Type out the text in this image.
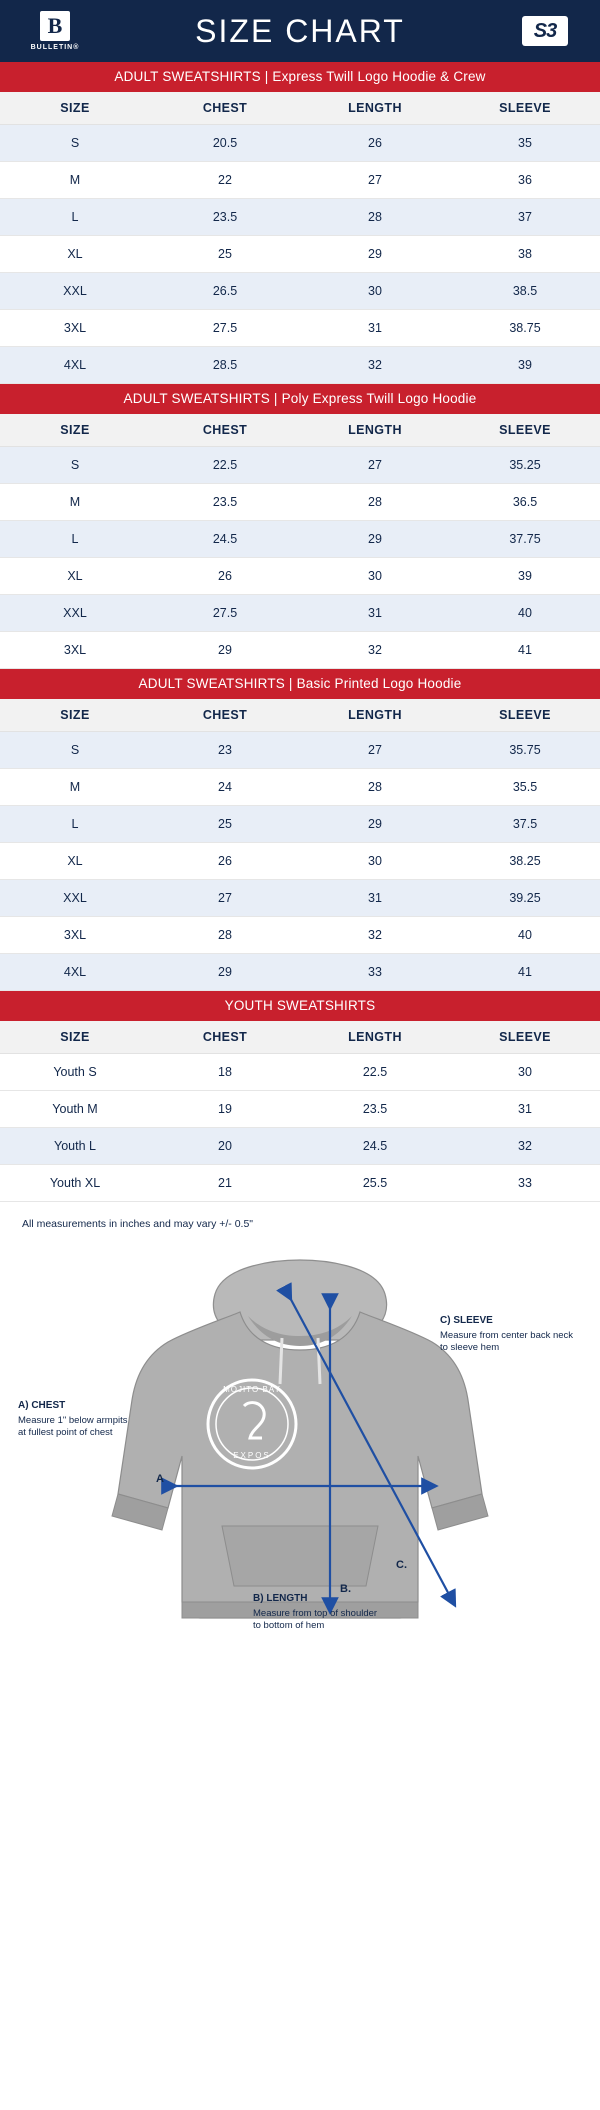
B
BULLETIN®	SIZE CHART	S3
ADULT SWEATSHIRTS | Express Twill Logo Hoodie & Crew
SIZE	CHEST	LENGTH	SLEEVE
S	20.5	26	35
M	22	27	36
L	23.5	28	37
XL	25	29	38
XXL	26.5	30	38.5
3XL	27.5	31	38.75
4XL	28.5	32	39
ADULT SWEATSHIRTS | Poly Express Twill Logo Hoodie
SIZE	CHEST	LENGTH	SLEEVE
S	22.5	27	35.25
M	23.5	28	36.5
L	24.5	29	37.75
XL	26	30	39
XXL	27.5	31	40
3XL	29	32	41
ADULT SWEATSHIRTS | Basic Printed Logo Hoodie
SIZE	CHEST	LENGTH	SLEEVE
S	23	27	35.75
M	24	28	35.5
L	25	29	37.5
XL	26	30	38.25
XXL	27	31	39.25
3XL	28	32	40
4XL	29	33	41
YOUTH SWEATSHIRTS
SIZE	CHEST	LENGTH	SLEEVE
Youth S	18	22.5	30
Youth M	19	23.5	31
Youth L	20	24.5	32
Youth XL	21	25.5	33
All measurements in inches and may vary +/- 0.5"
MOJITO BAY
EXPOS
A
B.
C.
A) CHEST
Measure 1" below armpits at fullest point of chest
C) SLEEVE
Measure from center back neck to sleeve hem
B) LENGTH
Measure from top of shoulder to bottom of hem
